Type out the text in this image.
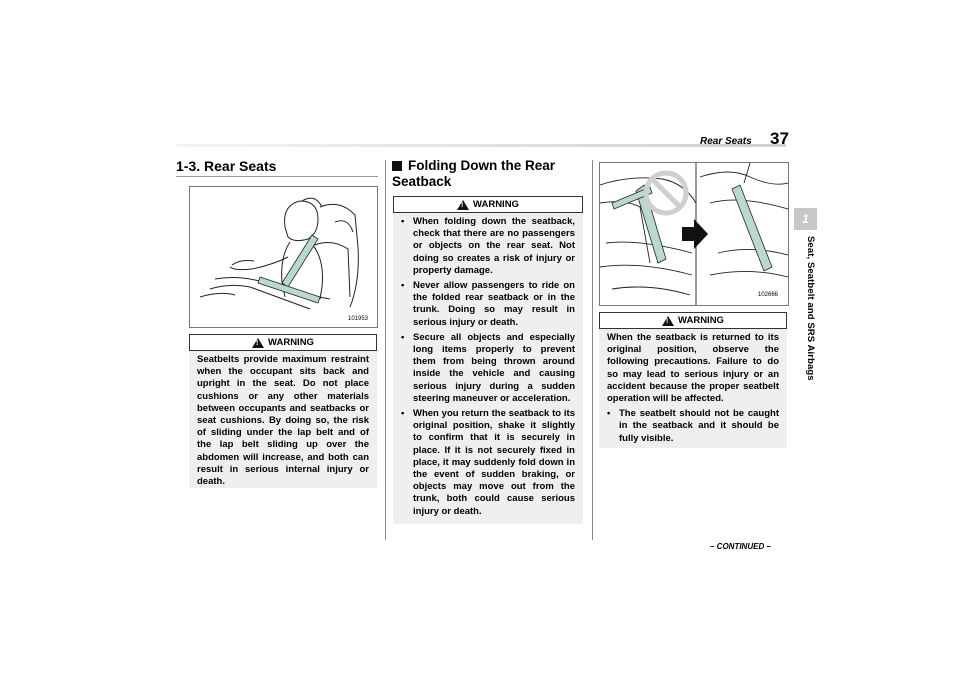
Rear Seats 37
1
Seat, Seatbelt and SRS Airbags
1-3. Rear Seats
101953
! WARNING
Seatbelts provide maximum restraint when the occupant sits back and upright in the seat. Do not place cushions or any other materials between occupants and seatbacks or seat cushions. By doing so, the risk of sliding under the lap belt and of the lap belt sliding up over the abdomen will increase, and both can result in serious internal injury or death.
Folding Down the Rear Seatback
! WARNING
• When folding down the seatback, check that there are no passengers or objects on the rear seat. Not doing so creates a risk of injury or property damage.
• Never allow passengers to ride on the folded rear seatback or in the trunk. Doing so may result in serious injury or death.
• Secure all objects and especially long items properly to prevent them from being thrown around inside the vehicle and causing serious injury during a sudden steering maneuver or acceleration.
• When you return the seatback to its original position, shake it slightly to confirm that it is securely in place. If it is not securely fixed in place, it may suddenly fold down in the event of sudden braking, or objects may move out from the trunk, both could cause serious injury or death.
102666
! WARNING
When the seatback is returned to its original position, observe the following precautions. Failure to do so may lead to serious injury or an accident because the proper seatbelt operation will be affected.
• The seatbelt should not be caught in the seatback and it should be fully visible.
– CONTINUED –
